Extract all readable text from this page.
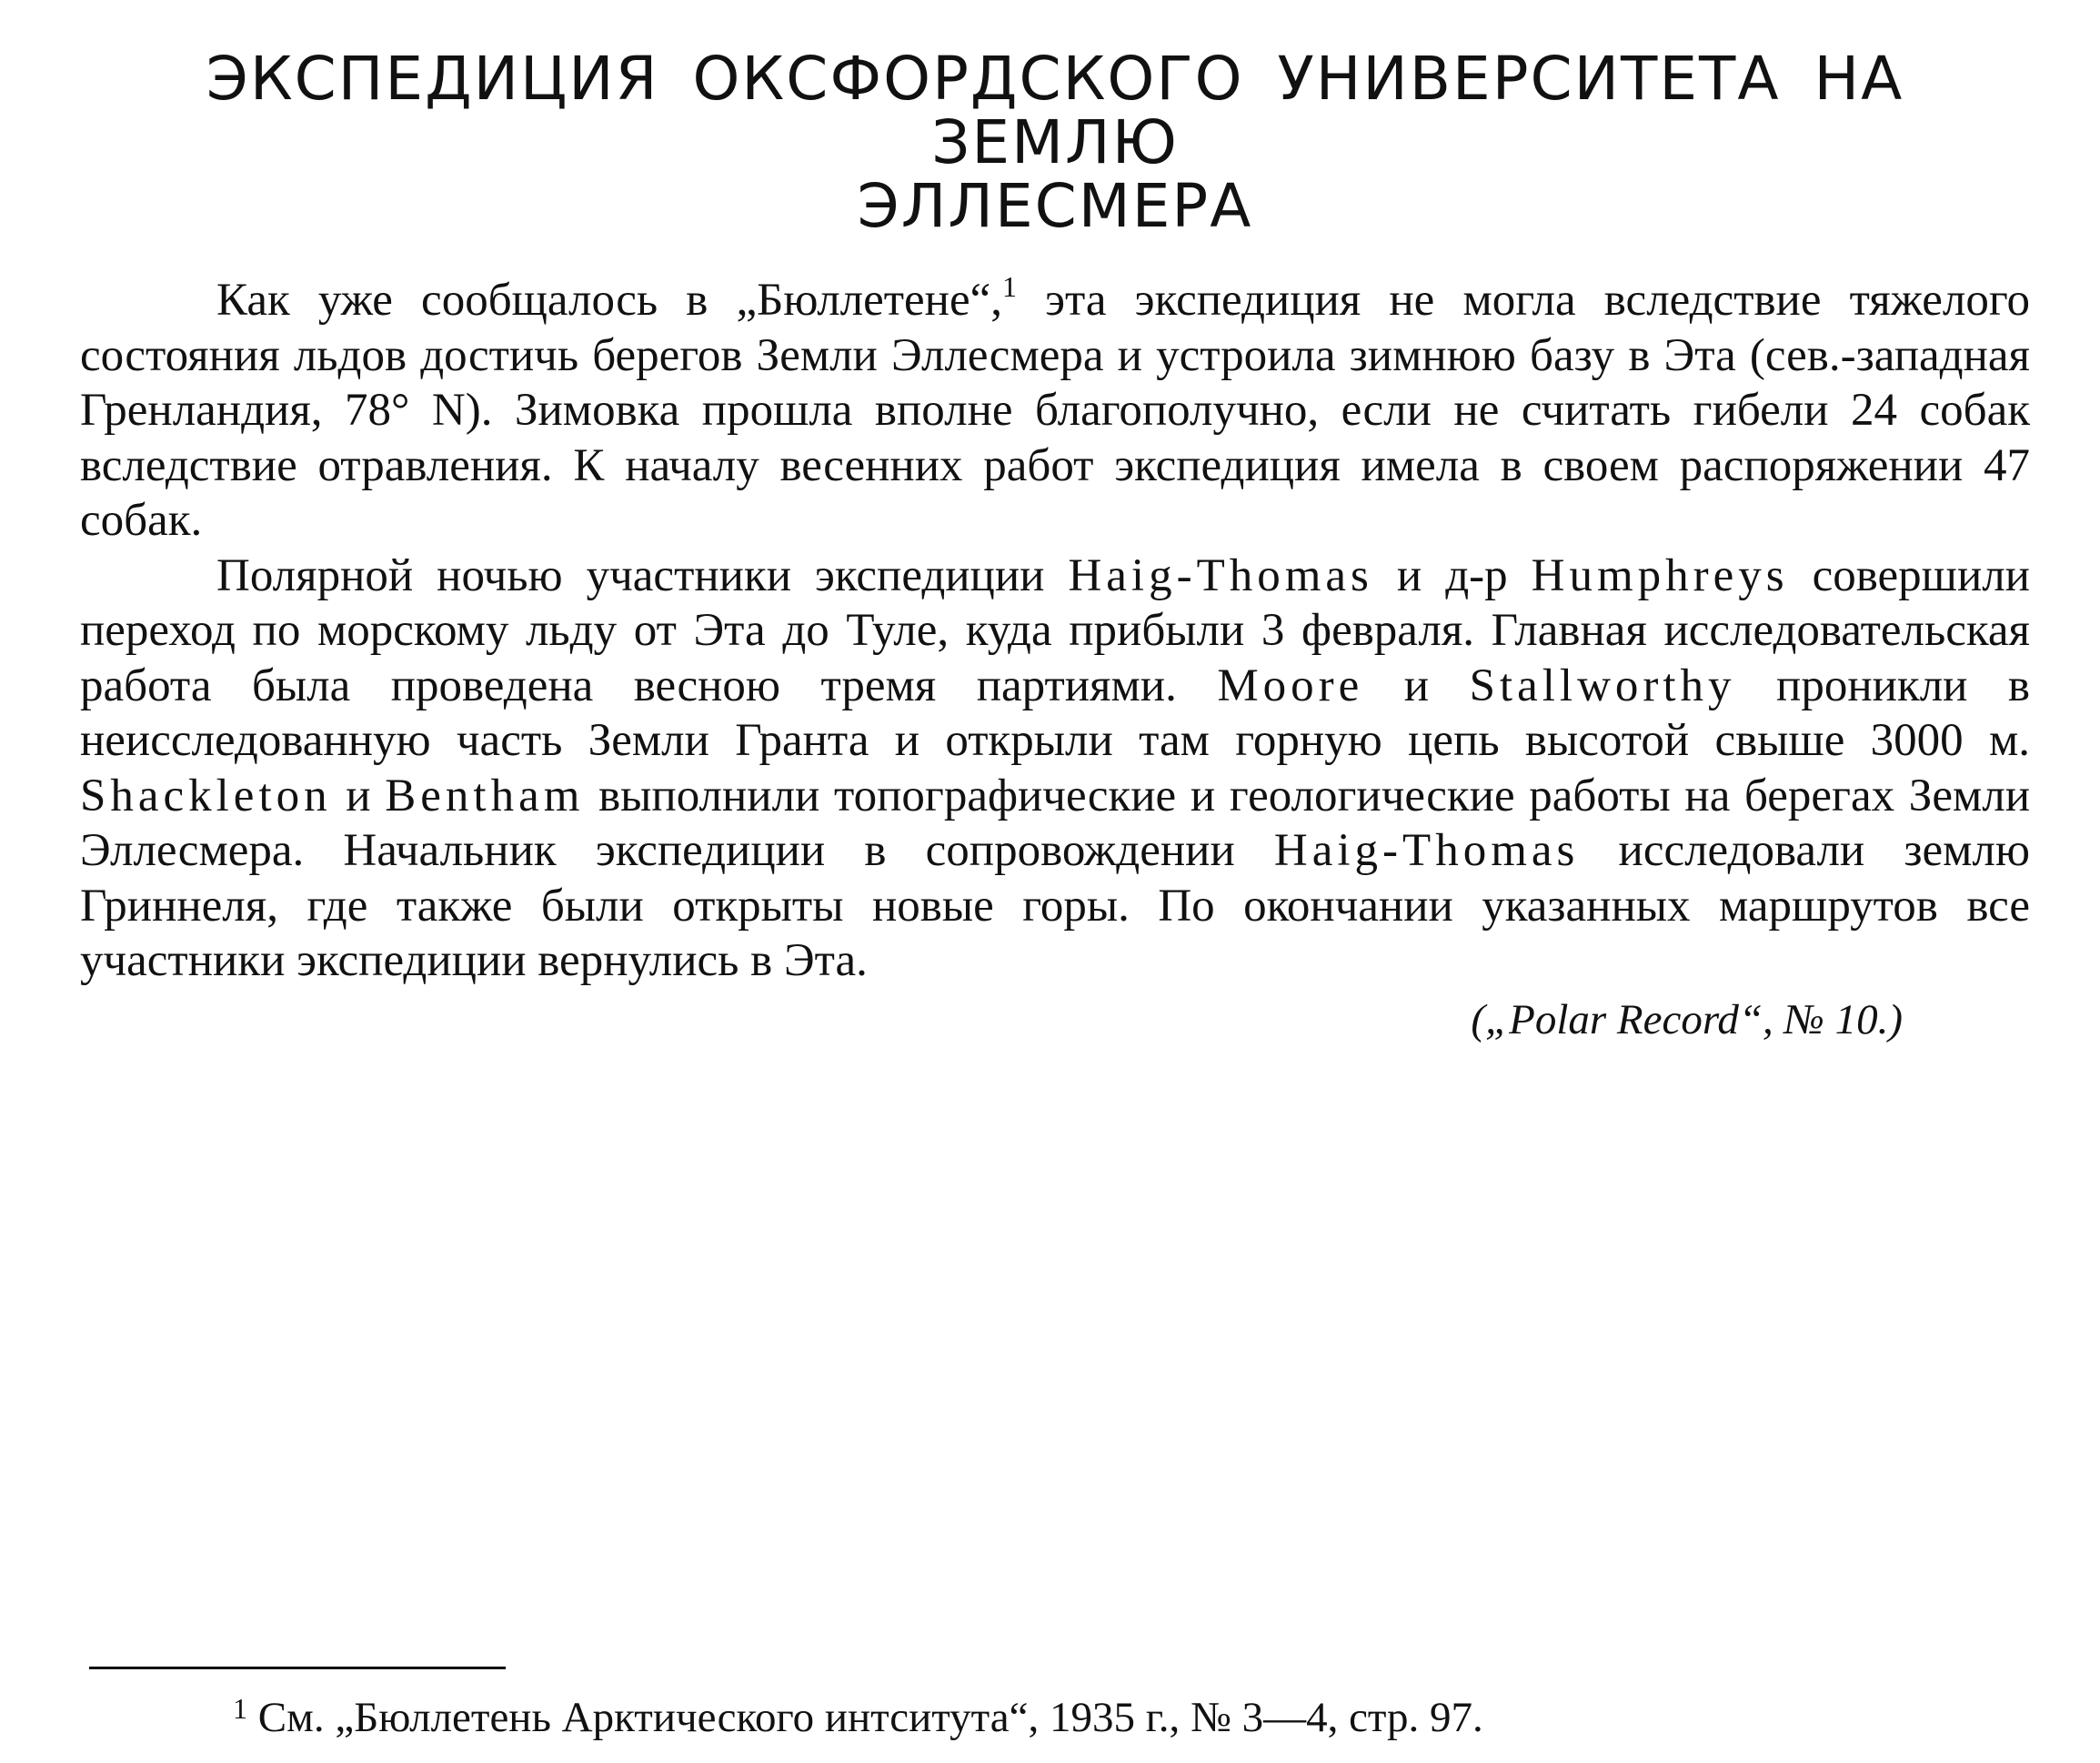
ЭКСПЕДИЦИЯ ОКСФОРДСКОГО УНИВЕРСИТЕТА НА ЗЕМЛЮ
ЭЛЛЕСМЕРА

Как уже сообщалось в „Бюллетене“,$^1$ эта экспедиция не могла вследствие тяжелого состояния льдов достичь берегов Земли Эллесмера и устроила зимнюю базу в Эта (сев.-западная Гренландия, 78° N). Зимовка прошла вполне благополучно, если не считать гибели 24 собак вследствие отравления. К началу весенних работ экспедиция имела в своем распоряжении 47 собак.

Полярной ночью участники экспедиции Haig-Thomas и д-р Humphreys совершили переход по морскому льду от Эта до Туле, куда прибыли 3 февраля. Главная исследовательская работа была проведена весною тремя партиями. Moore и Stallworthy проникли в неисследованную часть Земли Гранта и открыли там горную цепь высотой свыше 3000 м. Shackleton и Bentham выполнили топографические и геологические работы на берегах Земли Эллесмера. Начальник экспедиции в сопровождении Haig-Thomas исследовали землю Гриннеля, где также были открыты новые горы. По окончании указанных маршрутов все участники экспедиции вернулись в Эта.

(„Polar Record“, № 10.)
$^1$ См. „Бюллетень Арктического интситута“, 1935 г., № 3—4, стр. 97.
